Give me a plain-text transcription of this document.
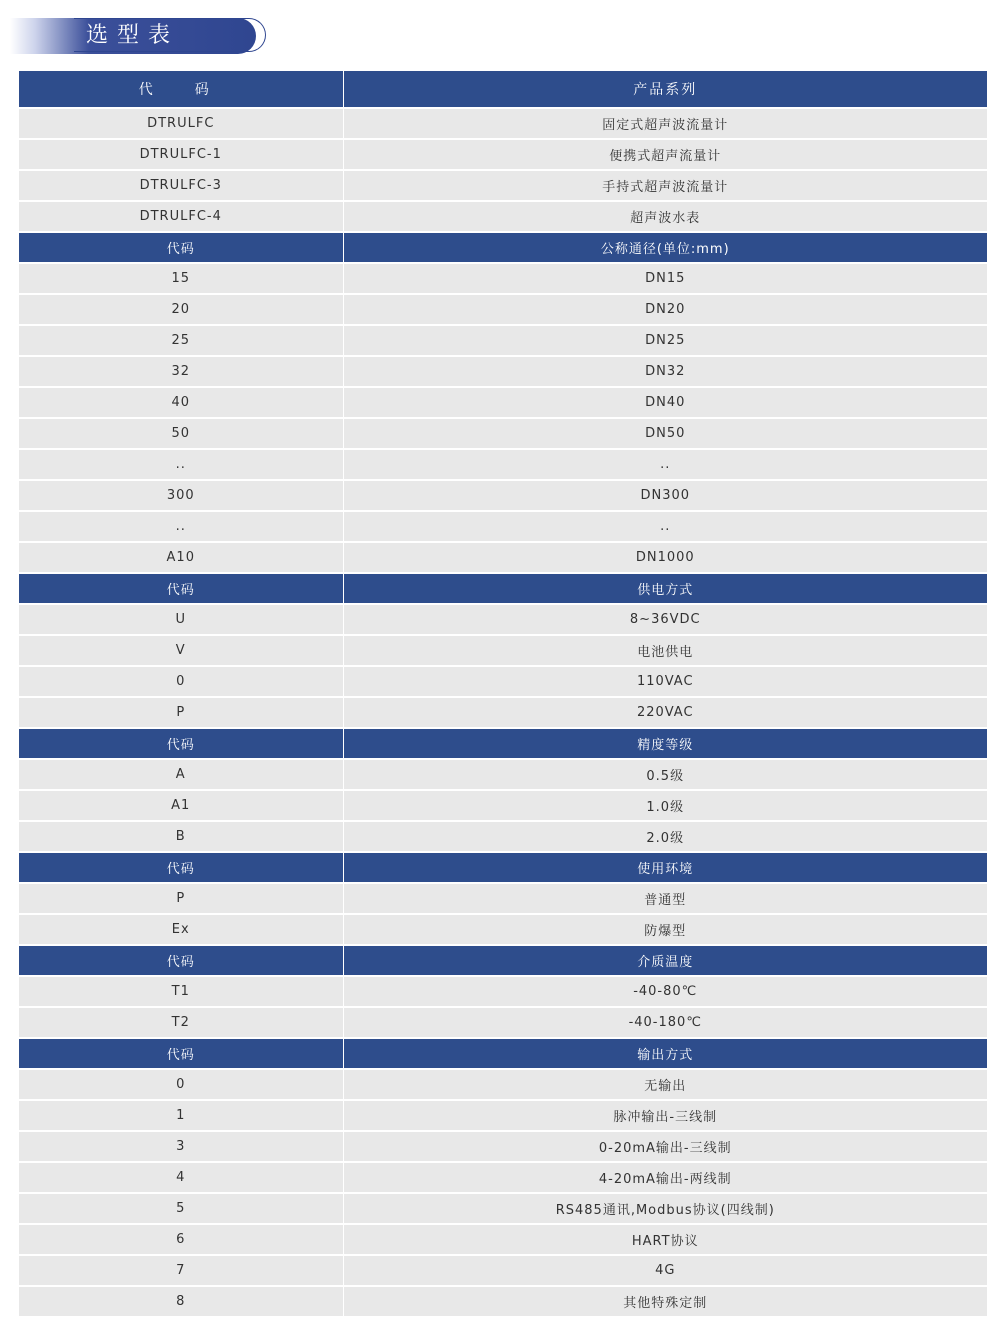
选型表
代　码	产品系列
DTRULFC	固定式超声波流量计
DTRULFC-1	便携式超声流量计
DTRULFC-3	手持式超声波流量计
DTRULFC-4	超声波水表
代码	公称通径(单位:mm)
15	DN15
20	DN20
25	DN25
32	DN32
40	DN40
50	DN50
..	..
300	DN300
..	..
A10	DN1000
代码	供电方式
U	8~36VDC
V	电池供电
0	110VAC
P	220VAC
代码	精度等级
A	0.5级
A1	1.0级
B	2.0级
代码	使用环境
P	普通型
Ex	防爆型
代码	介质温度
T1	-40-80℃
T2	-40-180℃
代码	输出方式
0	无输出
1	脉冲输出-三线制
3	0-20mA输出-三线制
4	4-20mA输出-两线制
5	RS485通讯,Modbus协议(四线制)
6	HART协议
7	4G
8	其他特殊定制
